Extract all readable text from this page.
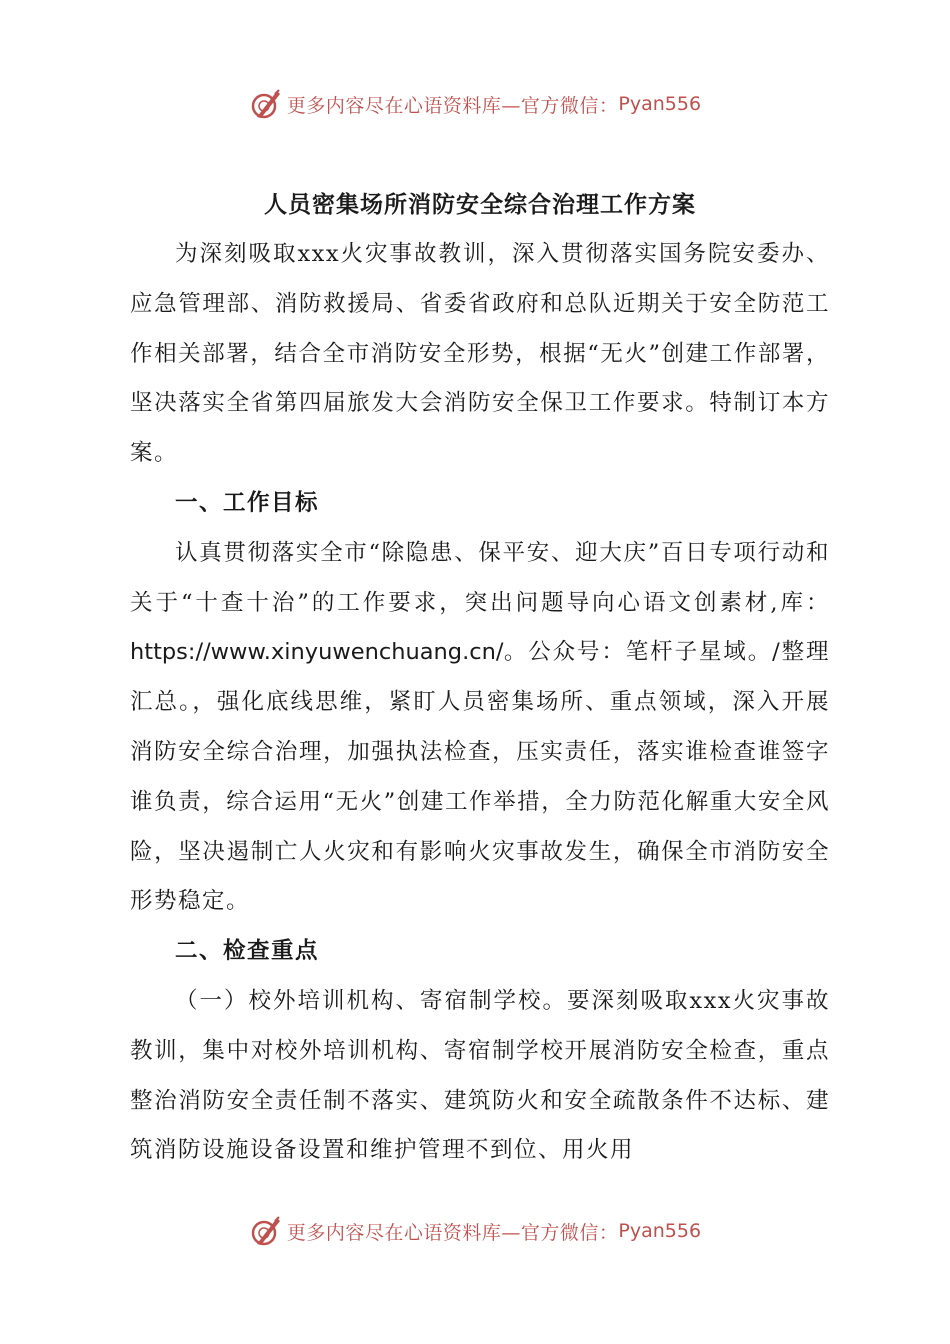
更多内容尽在心语资料库—官方微信： Pyan556
人员密集场所消防安全综合治理工作方案

为深刻吸取xxx火灾事故教训，深入贯彻落实国务院安委办、应急管理部、消防救援局、省委省政府和总队近期关于安全防范工作相关部署，结合全市消防安全形势，根据“无火”创建工作部署，坚决落实全省第四届旅发大会消防安全保卫工作要求。特制订本方案。

一、工作目标

认真贯彻落实全市“除隐患、保平安、迎大庆”百日专项行动和关于“十查十治”的工作要求，突出问题导向心语文创素材,库：https://www.xinyuwenchuang.cn/。公众号：笔杆子星域。/整理汇总。，强化底线思维，紧盯人员密集场所、重点领域，深入开展消防安全综合治理，加强执法检查，压实责任，落实谁检查谁签字谁负责，综合运用“无火”创建工作举措，全力防范化解重大安全风险，坚决遏制亡人火灾和有影响火灾事故发生，确保全市消防安全形势稳定。

二、检查重点

（一）校外培训机构、寄宿制学校。要深刻吸取xxx火灾事故教训，集中对校外培训机构、寄宿制学校开展消防安全检查，重点整治消防安全责任制不落实、建筑防火和安全疏散条件不达标、建筑消防设施设备设置和维护管理不到位、用火用

更多内容尽在心语资料库—官方微信： Pyan556
